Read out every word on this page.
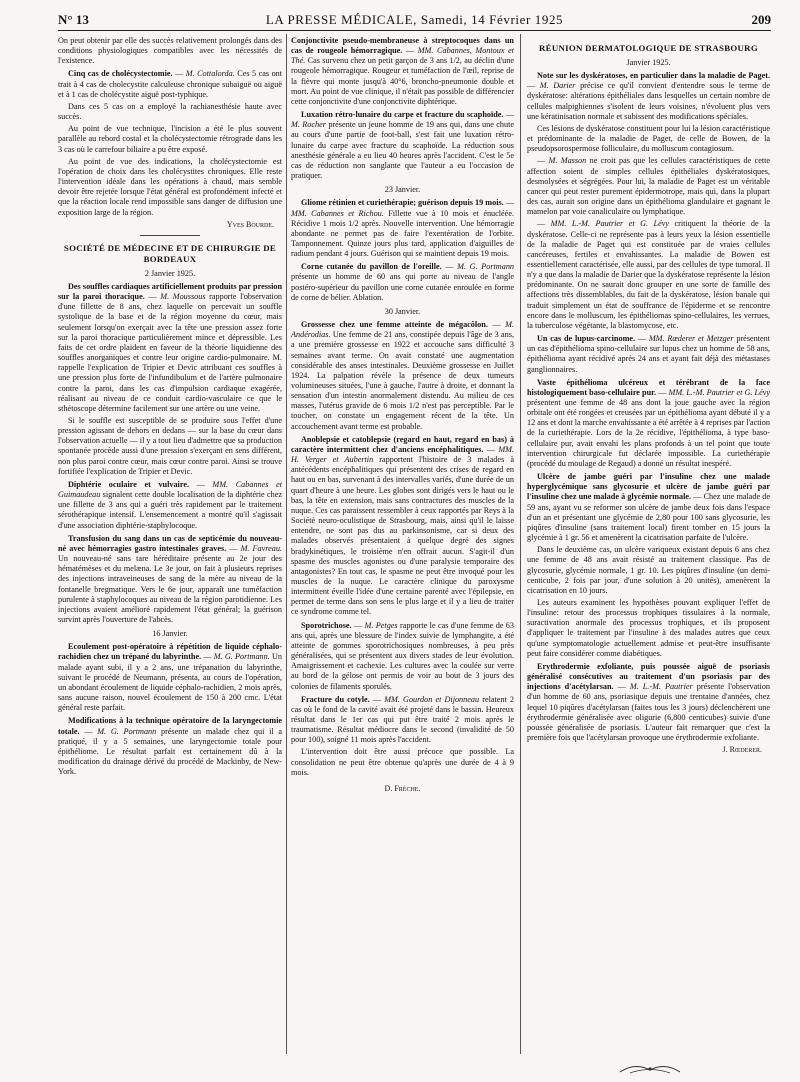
N° 13	LA PRESSE MÉDICALE, Samedi, 14 Février 1925	209

On peut obtenir par elle des succès relativement prolongés dans des conditions physiologiques compatibles avec les nécessités de l'existence.

Cinq cas de cholécystectomie. — M. Cottalorda. Ces 5 cas ont trait à 4 cas de cholecystite calculeuse chronique subaiguë ou aiguë et à 1 cas de cholécystite aiguë post-typhique.

Dans ces 5 cas on a employé la rachianesthésie haute avec succès.

Au point de vue technique, l'incision a été le plus souvent parallèle au rebord costal et la cholécystectomie rétrograde dans les 3 cas où le carrefour biliaire a pu être exposé.

Au point de vue des indications, la cholécystectomie est l'opération de choix dans les cholécystites chroniques. Elle reste l'intervention idéale dans les opérations à chaud, mais semble devoir être rejetée lorsque l'état général est profondément infecté et que la réaction locale rend impossible sans danger de diffusion une exposition large de la région.

Yves Bourde.

SOCIÉTÉ DE MÉDECINE ET DE CHIRURGIE DE BORDEAUX

2 Janvier 1925.

Des souffles cardiaques artificiellement produits par pression sur la paroi thoracique. — M. Moussous rapporte l'observation d'une fillette de 8 ans, chez laquelle on percevait un souffle systolique de la base et de la région moyenne du cœur, mais seulement lorsqu'on exerçait avec la tête une pression assez forte sur la paroi thoracique particulièrement mince et dépressible. Les faits de cet ordre plaident en faveur de la théorie liquidienne des souffles anorganiques et contre leur origine cardio-pulmonaire. M. rappelle l'explication de Tripier et Devic attribuant ces souffles à une pression plus forte de l'infundibulum et de l'artère pulmonaire contre la paroi, dans les cas d'impulsion cardiaque exagérée, réalisant au niveau de ce conduit cardio-vasculaire ce que le sthétoscope détermine facilement sur une artère ou une veine.

Si le souffle est susceptible de se produire sous l'effet d'une pression agissant de dehors en dedans — sur la base du cœur dans l'observation actuelle — il y a tout lieu d'admettre que sa production spontanée procède aussi d'une pression s'exerçant en sens différent, non plus paroi contre cœur, mais cœur contre paroi. Ainsi se trouve fortifiée l'explication de Tripier et Devic.

Diphtérie oculaire et vulvaire. — MM. Cabannes et Guimaudeau signalent cette double localisation de la diphtérie chez une fillette de 3 ans qui a guéri très rapidement par le traitement sérothérapique intensif. L'ensemencement a montré qu'il s'agissait d'une association diphtérie-staphylocoque.

Transfusion du sang dans un cas de septicémie du nouveau-né avec hémorragies gastro intestinales graves. — M. Favreau. Un nouveau-né sans tare héréditaire présente au 2e jour des hématémèses et du melæna. Le 3e jour, on fait à plusieurs reprises des injections intraveineuses de sang de la mère au niveau de la fontanelle bregmatique. Vers le 6e jour, apparaît une tuméfaction purulente à staphylocoques au niveau de la région parotidienne. Les injections avaient amélioré rapidement l'état général; la guérison survint après l'ouverture de l'abcès.

16 Janvier.

Ecoulement post-opératoire à répétition de liquide céphalo-rachidien chez un trépané du labyrinthe. — M. G. Portmann. Un malade ayant subi, il y a 2 ans, une trépanation du labyrinthe, suivant le procédé de Neumann, présenta, au cours de l'opération, un abondant écoulement de liquide céphalo-rachidien, 2 mois après, sans aucune raison, nouvel écoulement de 150 à 200 cmc. L'état général reste parfait.

Modifications à la technique opératoire de la laryngectomie totale. — M. G. Portmann présente un malade chez qui il a pratiqué, il y a 5 semaines, une laryngectomie totale pour épithéliome. Le résultat parfait est certainement dû à la modification du drainage dérivé du procédé de Mackinby, de New-York.

Conjonctivite pseudo-membraneuse à streptocoques dans un cas de rougeole hémorragique. — MM. Cabannes, Montoux et Thé. Cas survenu chez un petit garçon de 3 ans 1/2, au déclin d'une rougeole hémorragique. Rougeur et tuméfaction de l'œil, reprise de la fièvre qui monte jusqu'à 40°6, broncho-pneumonie double et mort. Au point de vue clinique, il n'était pas possible de différencier cette conjonctivite d'une conjonctivite diphtérique.

Luxation rétro-lunaire du carpe et fracture du scaphoïde. — M. Rocher présente un jeune homme de 19 ans qui, dans une chute au cours d'une partie de foot-ball, s'est fait une luxation rétro-lunaire du carpe avec fracture du scaphoïde. La réduction sous anesthésie générale a eu lieu 40 heures après l'accident. C'est le 5e cas de réduction non sanglante que l'auteur a eu l'occasion de pratiquer.

23 Janvier.

Gliome rétinien et curiethérapie; guérison depuis 19 mois. — MM. Cabannes et Richou. Fillette vue à 10 mois et énucléée. Récidive 1 mois 1/2 après. Nouvelle intervention. Une hémorragie abondante ne permet pas de faire l'exentération de l'orbite. Tamponnement. Quinze jours plus tard, application d'aiguilles de radium pendant 4 jours. Guérison qui se maintient depuis 19 mois.

Corne cutanée du pavillon de l'oreille. — M. G. Portmann présente un homme de 60 ans qui porte au niveau de l'angle postéro-supérieur du pavillon une corne cutanée enroulée en forme de corne de bélier. Ablation.

30 Janvier.

Grossesse chez une femme atteinte de mégacôlon. — M. Andérodias. Une femme de 21 ans, constipée depuis l'âge de 3 ans, a une première grossesse en 1922 et accouche sans difficulté 3 semaines avant terme. On avait constaté une augmentation considérable des anses intestinales. Deuxième grossesse en Juillet 1924. La palpation révèle la présence de deux tumeurs volumineuses situées, l'une à gauche, l'autre à droite, et donnant la sensation d'un intestin anormalement distendu. Au milieu de ces masses, l'utérus gravide de 6 mois 1/2 n'est pas perceptible. Par le toucher, on constate un engagement récent de la tête. Un accouchement avant terme est probable.

Anoblepsie et catoblepsie (regard en haut, regard en bas) à caractère intermittent chez d'anciens encéphalitiques. — MM. H. Verger et Aubertin rapportent l'histoire de 3 malades à antécédents encéphalitiques qui présentent des crises de regard en haut ou en bas, survenant à des intervalles variés, d'une durée de un quart d'heure à une heure. Les globes sont dirigés vers le haut ou le bas, la tête en extension, mais sans contractures des muscles de la nuque. Ces cas paraissent ressembler à ceux rapportés par Reys à la Société neuro-oculistique de Strasbourg, mais, ainsi qu'il le laisse entendre, ne sont pas dus au parkinsonisme, car si deux des malades observés présentaient à quelque degré des signes bradykinétiques, le troisième n'en offrait aucun. S'agit-il d'un spasme des muscles agonistes ou d'une paralysie temporaire des antagonistes? En tout cas, le spasme ne peut être invoqué pour les muscles de la nuque. Le caractère clinique du paroxysme intermittent éveille l'idée d'une certaine parenté avec l'épilepsie, en permet de terme dans son sens le plus large et il y a lieu de traiter ce syndrome comme tel.

Sporotrichose. — M. Petges rapporte le cas d'une femme de 63 ans qui, après une blessure de l'index suivie de lymphangite, a été atteinte de gommes sporotrichosiques nombreuses, à peu près généralisées, qui se présentent aux divers stades de leur évolution. Amaigrissement et cachexie. Les cultures avec la coulée sur verre au bord de la gélose ont permis de voir au bout de 3 jours des colonies de filaments sporulés.

Fracture du cotyle. — MM. Gourdon et Dijonneau relatent 2 cas où le fond de la cavité avait été projeté dans le bassin. Heureux résultat dans le 1er cas qui put être traité 2 mois après le traumatisme. Résultat médiocre dans le second (invalidité de 50 pour 100), soigné 11 mois après l'accident.

L'intervention doit être aussi précoce que possible. La consolidation ne peut être obtenue qu'après une durée de 4 à 9 mois.

D. Frèche.

RÉUNION DERMATOLOGIQUE DE STRASBOURG

Janvier 1925.

Note sur les dyskératoses, en particulier dans la maladie de Paget. — M. Darier précise ce qu'il convient d'entendre sous le terme de dyskératose: altérations épithéliales dans lesquelles un certain nombre de cellules malpighiennes s'isolent de leurs voisines, n'évoluent plus vers une kératinisation normale et subissent des modifications spéciales.

Ces lésions de dyskératose constituent pour lui la lésion caractéristique et prédominante de la maladie de Paget, de celle de Bowen, de la pseudopsorospermose folliculaire, du molluscum contagiosum.

— M. Masson ne croit pas que les cellules caractéristiques de cette affection soient de simples cellules épithéliales dyskératosiques, desmolysées et ségrégées. Pour lui, la maladie de Paget est un véritable cancer qui peut rester purement épidermotrope, mais qui, dans la plupart des cas, aurait son origine dans un épithélioma glandulaire et gagnant le mamelon par voie canaliculaire ou lymphatique.

— MM. L.-M. Pautrier et G. Lévy critiquent la théorie de la dyskératose. Celle-ci ne représente pas à leurs yeux la lésion essentielle de la maladie de Paget qui est constituée par de vraies cellules cancéreuses, fertiles et envahissantes. La maladie de Bowen est essentiellement caractérisée, elle aussi, par des cellules de type tumoral. Il n'y a que dans la maladie de Darier que la dyskératose représente la lésion prédominante. On ne saurait donc grouper en une sorte de famille des affections très dissemblables, du fait de la dyskératose, lésion banale qui traduit simplement un état de souffrance de l'épiderme et se rencontre encore dans le molluscum, les épithéliomas spino-cellulaires, les verrues, la tuberculose végétante, la blastomycose, etc.

Un cas de lupus-carcinome. — MM. Rœderer et Metzger présentent un cas d'épithélioma spino-cellulaire sur lupus chez un homme de 58 ans, épithélioma ayant récidivé après 24 ans et ayant fait déjà des métastases ganglionnaires.

Vaste épithélioma ulcéreux et térébrant de la face histologiquement baso-cellulaire pur. — MM. L.-M. Pautrier et G. Lévy présentent une femme de 48 ans dont la joue gauche avec la région orbitale ont été rongées et creusées par un épithélioma ayant débuté il y a 12 ans et dont la marche envahissante a été arrêtée à 4 reprises par l'action de la curiethérapie. Lors de la 2e récidive, l'épithélioma, à type baso-cellulaire pur, avait envahi les plans profonds à un tel point que toute intervention chirurgicale fut déclarée impossible. La curiethérapie (procédé du moulage de Regaud) a donné un résultat inespéré.

Ulcère de jambe guéri par l'insuline chez une malade hyperglycémique sans glycosurie et ulcère de jambe guéri par l'insuline chez une malade à glycémie normale. — Chez une malade de 59 ans, ayant vu se reformer son ulcère de jambe deux fois dans l'espace d'un an et présentant une glycémie de 2,80 pour 100 sans glycosurie, les piqûres d'insuline (sans traitement local) firent tomber en 15 jours la glycémie à 1 gr. 56 et amenèrent la cicatrisation parfaite de l'ulcère.

Dans le deuxième cas, un ulcère variqueux existant depuis 6 ans chez une femme de 48 ans avait résisté au traitement classique. Pas de glycosurie, glycémie normale, 1 gr. 10. Les piqûres d'insuline (un demi-centicube, 2 fois par jour, d'une solution à 20 unités), amenèrent la cicatrisation en 10 jours.

Les auteurs examinent les hypothèses pouvant expliquer l'effet de l'insuline: retour des processus trophiques tissulaires à la normale, suractivation anormale des processus trophiques, et ils proposent d'appliquer le traitement par l'insuline à des malades autres que ceux qu'une symptomatologie actuellement admise et peut-être insuffisante peut faire considérer comme diabétiques.

Erythrodermie exfoliante, puis poussée aiguë de psoriasis généralisé consécutives au traitement d'un psoriasis par des injections d'acétylarsan. — M. L.-M. Pautrier présente l'observation d'un homme de 60 ans, psoriasique depuis une trentaine d'années, chez lequel 10 piqûres d'acétylarsan (faites tous les 3 jours) déclenchèrent une érythrodermie généralisée avec oligurie (6,800 centicubes) suivie d'une poussée généralisée de psoriasis. L'auteur fait remarquer que c'est la première fois que l'acétylarsan provoque une érythrodermie exfoliante.

J. Rœderer.
